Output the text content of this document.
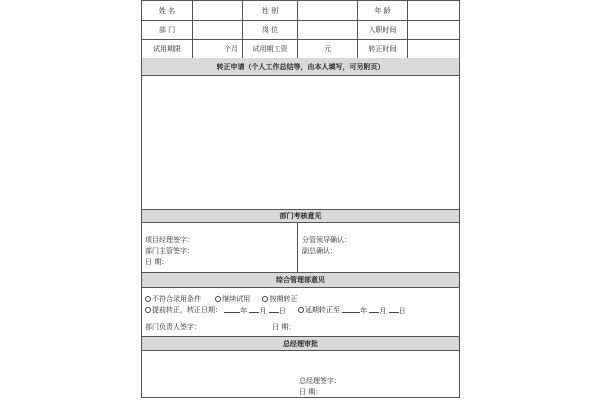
姓 名	性 别	年 龄
部 门	岗 位	入职时间
试用期限	个月	试用期工资	元	转正时间
转正申请（个人工作总结等，由本人填写，可另附页）
部门考核意见
项目经理签字：
部门主管签字：
日 期：
分管领导确认：
副总确认：
综合管理部意见
不符合录用条件
	继续试用
	按期转正
提前转正，转正日期：	年 月 日	延期转正至	年 月 日
部门负责人签字：	日 期：
总经理审批
总经理签字：
日 期：
